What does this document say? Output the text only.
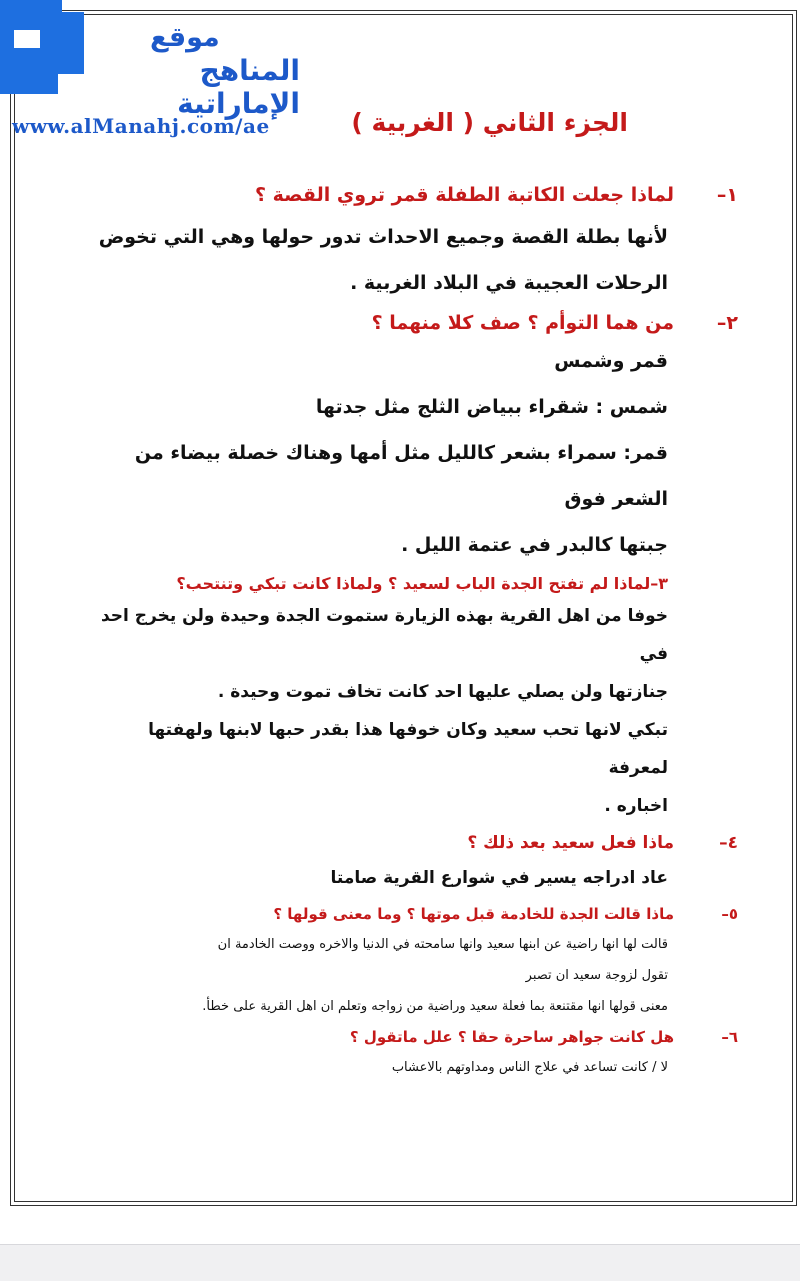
موقع
المناهج الإماراتية
www.alManahj.com/ae	الجزء الثاني ( الغربية )
١–
لماذا جعلت الكاتبة الطفلة قمر تروي القصة ؟
لأنها بطلة القصة وجميع الاحداث تدور حولها وهي التي تخوض
الرحلات العجيبة في البلاد الغربية .
٢–
من هما التوأم ؟ صف كلا منهما ؟
قمر وشمس
شمس : شقراء ببياض الثلج مثل جدتها
قمر: سمراء بشعر كالليل مثل أمها وهناك خصلة بيضاء من الشعر فوق
جبتها كالبدر في عتمة الليل .
٣–
لماذا لم تفتح الجدة الباب لسعيد ؟ ولماذا كانت تبكي وتنتحب؟
خوفا من اهل القرية بهذه الزيارة ستموت الجدة وحيدة ولن يخرج احد في
جنازتها ولن يصلي عليها احد كانت تخاف تموت وحيدة .
تبكي لانها تحب سعيد وكان خوفها هذا بقدر حبها لابنها ولهفتها لمعرفة
اخباره .
٤–
ماذا فعل سعيد بعد ذلك ؟
عاد ادراجه يسير في شوارع القرية صامتا
٥–
ماذا قالت الجدة للخادمة قبل موتها ؟ وما معنى قولها ؟
قالت لها انها راضية عن ابنها سعيد وانها سامحته في الدنيا والاخره ووصت الخادمة ان
تقول لزوجة سعيد ان تصبر
معنى قولها انها مقتنعة بما فعلة سعيد وراضية من زواجه وتعلم ان اهل القرية على خطأ.
٦–
هل كانت جواهر ساحرة حقا ؟ علل ماتقول ؟
لا / كانت تساعد في علاج الناس ومداوتهم بالاعشاب
